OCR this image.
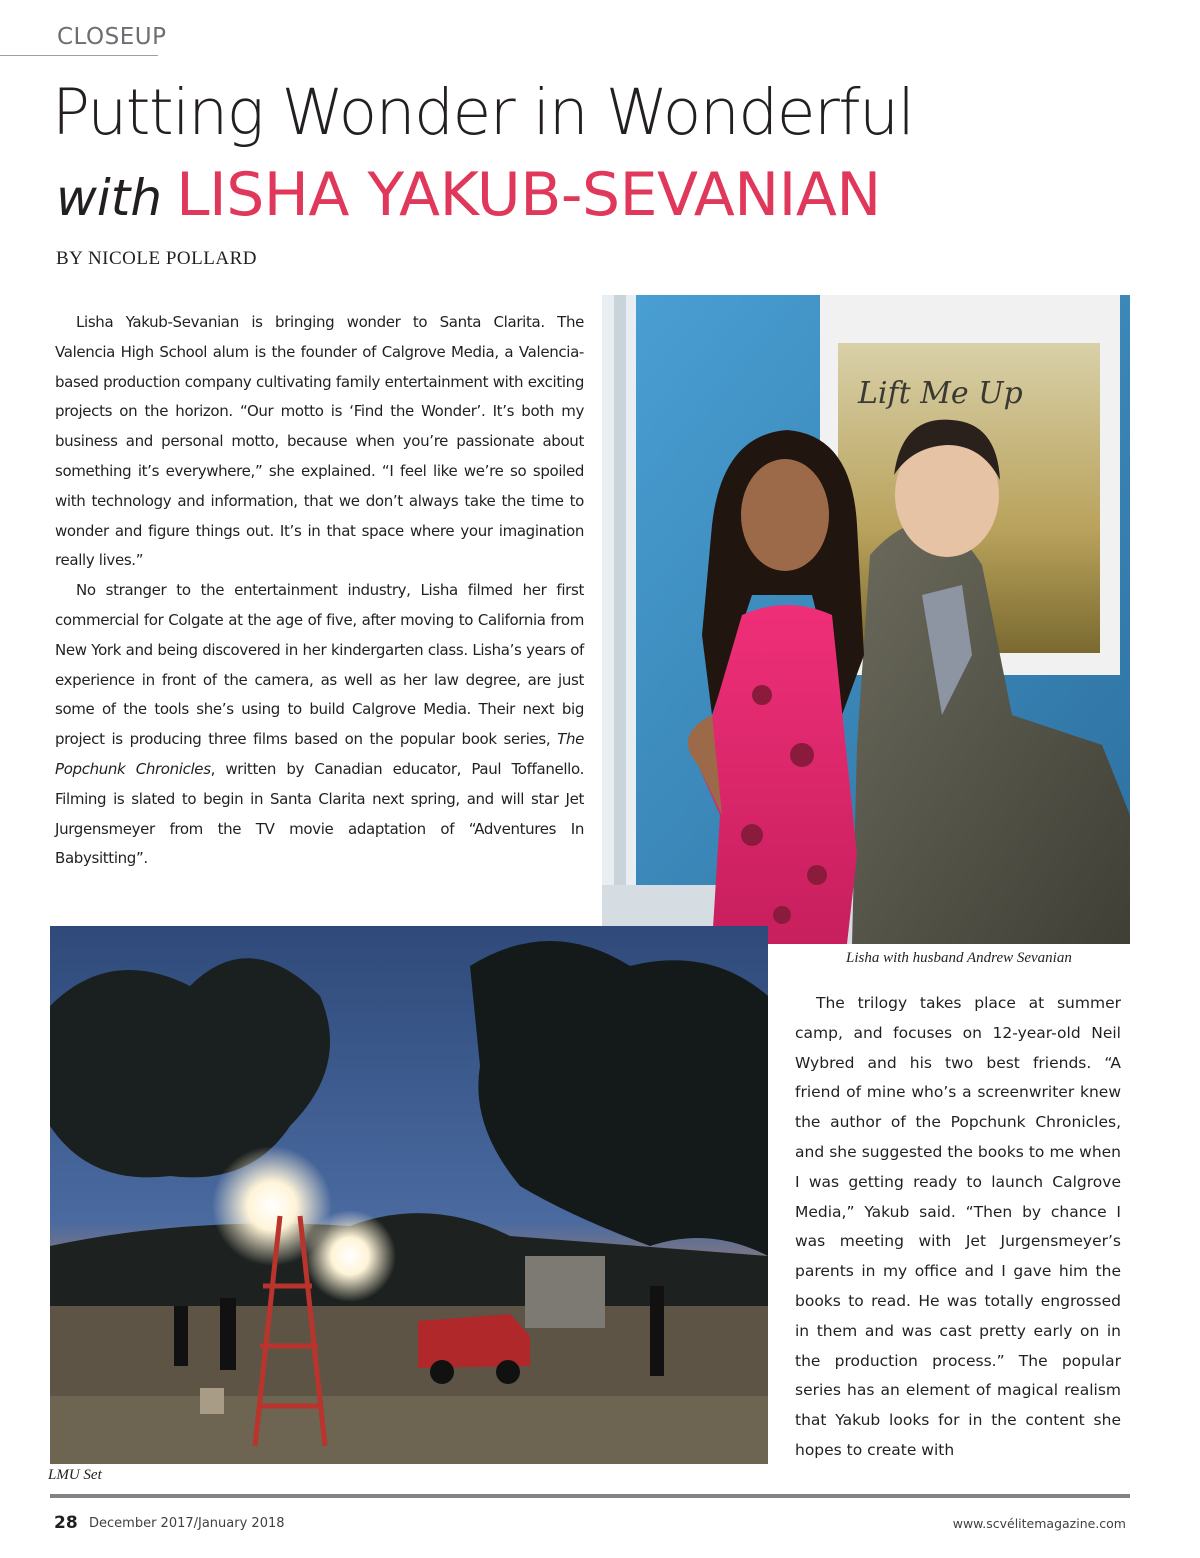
CLOSEUP
Putting Wonder in Wonderful
with LISHA YAKUB-SEVANIAN
BY NICOLE POLLARD

Lisha Yakub-Sevanian is bringing wonder to Santa Clarita. The Valencia High School alum is the founder of Calgrove Media, a Valencia-based production company cultivating family entertainment with exciting projects on the horizon. “Our motto is ‘Find the Wonder’. It’s both my business and personal motto, because when you’re passionate about something it’s everywhere,” she explained. “I feel like we’re so spoiled with technology and information, that we don’t always take the time to wonder and figure things out. It’s in that space where your imagination really lives.”

No stranger to the entertainment industry, Lisha filmed her first commercial for Colgate at the age of five, after moving to California from New York and being discovered in her kindergarten class. Lisha’s years of experience in front of the camera, as well as her law degree, are just some of the tools she’s using to build Calgrove Media. Their next big project is producing three films based on the popular book series, The Popchunk Chronicles, written by Canadian educator, Paul Toffanello. Filming is slated to begin in Santa Clarita next spring, and will star Jet Jurgensmeyer from the TV movie adaptation of “Adventures In Babysitting”.

Lift Me Up
Lisha with husband Andrew Sevanian
LMU Set

The trilogy takes place at summer camp, and focuses on 12-year-old Neil Wybred and his two best friends. “A friend of mine who’s a screenwriter knew the author of the Popchunk Chronicles, and she suggested the books to me when I was getting ready to launch Calgrove Media,” Yakub said. “Then by chance I was meeting with Jet Jurgensmeyer’s parents in my office and I gave him the books to read. He was totally engrossed in them and was cast pretty early on in the production process.” The popular series has an element of magical realism that Yakub looks for in the content she hopes to create with

28 December 2017/January 2018	www.scvélitemagazine.com
